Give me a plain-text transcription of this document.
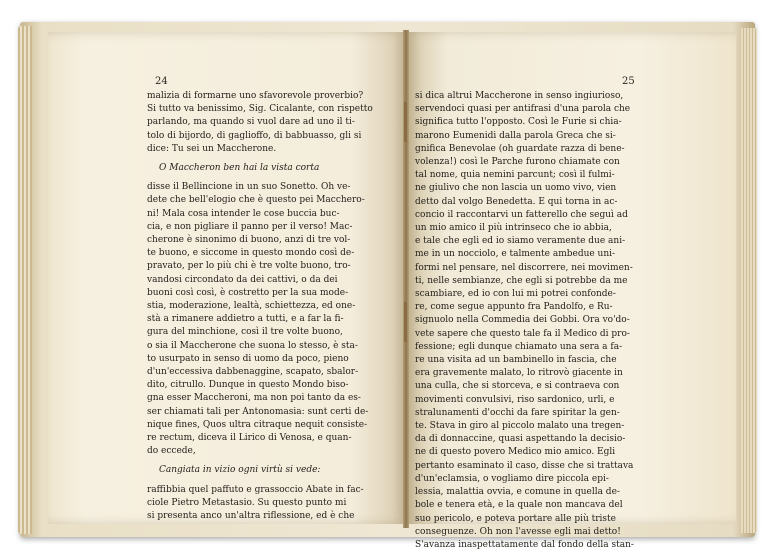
24	25
malizia di formarne uno sfavorevole proverbio?
Si tutto va benissimo, Sig. Cicalante, con rispetto
parlando, ma quando si vuol dare ad uno il ti-
tolo di bijordo, di gaglioffo, di babbuasso, gli si
dice: Tu sei un Maccherone.
O Maccheron ben hai la vista corta
disse il Bellincione in un suo Sonetto. Oh ve-
dete che bell'elogio che è questo pei Macchero-
ni! Mala cosa intender le cose buccia buc-
cia, e non pigliare il panno per il verso! Mac-
cherone è sinonimo di buono, anzi di tre vol-
te buono, e siccome in questo mondo così de-
pravato, per lo più chi è tre volte buono, tro-
vandosi circondato da dei cattivi, o da dei
buoni così così, è costretto per la sua mode-
stia, moderazione, lealtà, schiettezza, ed one-
stà a rimanere addietro a tutti, e a far la fi-
gura del minchione, così il tre volte buono,
o sia il Maccherone che suona lo stesso, è sta-
to usurpato in senso di uomo da poco, pieno
d'un'eccessiva dabbenaggine, scapato, sbalor-
dito, citrullo. Dunque in questo Mondo biso-
gna esser Maccheroni, ma non poi tanto da es-
ser chiamati tali per Antonomasia: sunt certi de-
nique fines, Quos ultra citraque nequit consiste-
re rectum, diceva il Lirico di Venosa, e quan-
do eccede,
Cangiata in vizio ogni virtù si vede:
raffibbia quel paffuto e grassoccio Abate in fac-
ciole Pietro Metastasio. Su questo punto mi
si presenta anco un'altra riflessione, ed è che
si dica altrui Maccherone in senso ingiurioso,
servendoci quasi per antifrasi d'una parola che
significa tutto l'opposto. Così le Furie si chia-
marono Eumenidi dalla parola Greca che si-
gnifica Benevolae (oh guardate razza di bene-
volenza!) così le Parche furono chiamate con
tal nome, quia nemini parcunt; così il fulmi-
ne giulivo che non lascia un uomo vivo, vien
detto dal volgo Benedetta. E qui torna in ac-
concio il raccontarvi un fatterello che seguì ad
un mio amico il più intrinseco che io abbia,
e tale che egli ed io siamo veramente due ani-
me in un nocciolo, e talmente ambedue uni-
formi nel pensare, nel discorrere, nei movimen-
ti, nelle sembianze, che egli si potrebbe da me
scambiare, ed io con lui mi potrei confonde-
re, come segue appunto fra Pandolfo, e Ru-
signuolo nella Commedia dei Gobbi. Ora vo'do-
vete sapere che questo tale fa il Medico di pro-
fessione; egli dunque chiamato una sera a fa-
re una visita ad un bambinello in fascia, che
era gravemente malato, lo ritrovò giacente in
una culla, che si storceva, e si contraeva con
movimenti convulsivi, riso sardonico, urli, e
stralunamenti d'occhi da fare spiritar la gen-
te. Stava in giro al piccolo malato una tregen-
da di donnaccine, quasi aspettando la decisio-
ne di questo povero Medico mio amico. Egli
pertanto esaminato il caso, disse che si trattava
d'un'eclamsia, o vogliamo dire piccola epi-
lessia, malattia ovvia, e comune in quella de-
bole e tenera età, e la quale non mancava del
suo pericolo, e poteva portare alle più triste
conseguenze. Oh non l'avesse egli mai detto!
S'avanza inaspettatamente dal fondo della stan-
